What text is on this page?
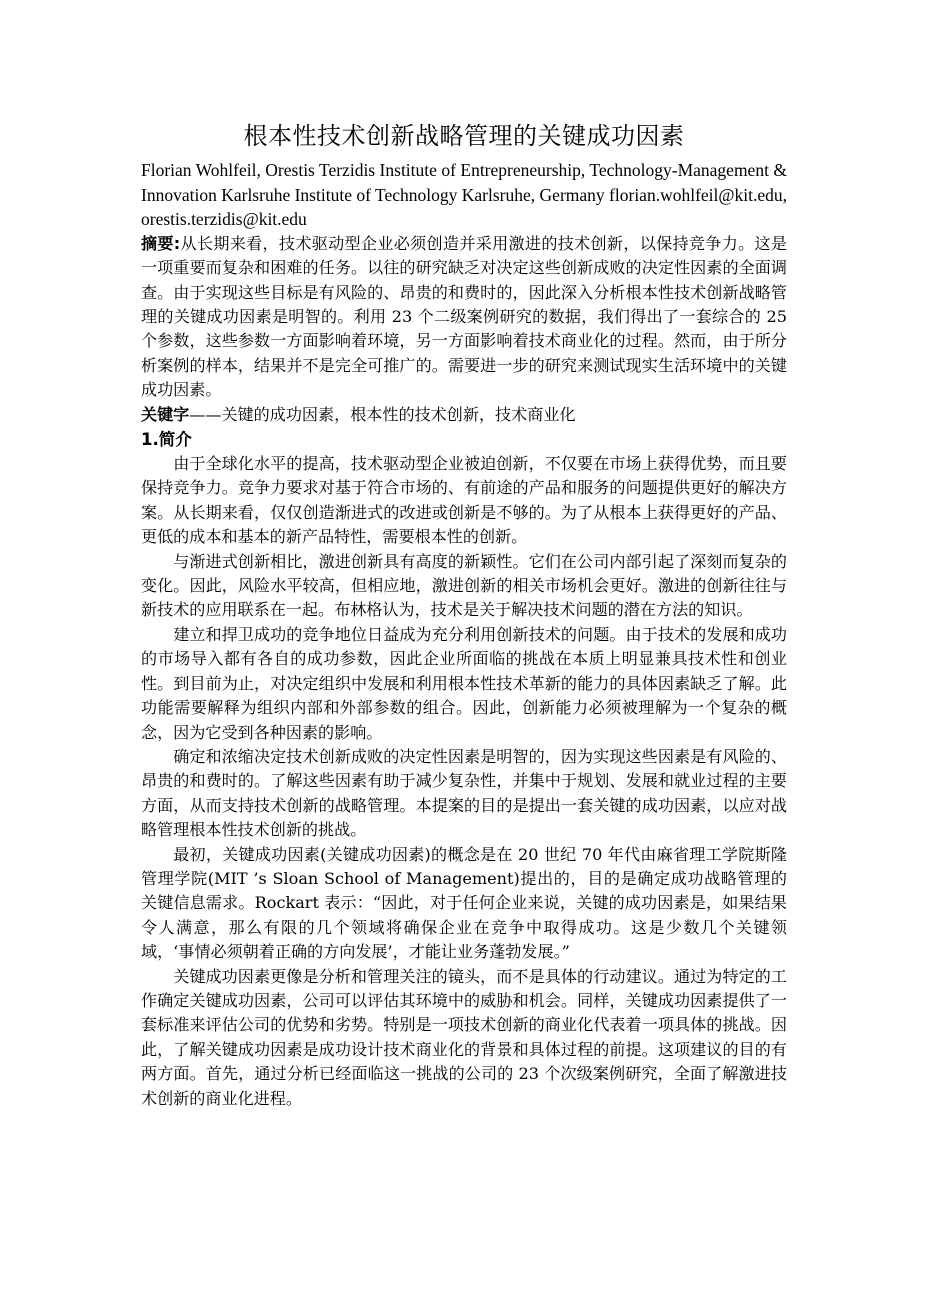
根本性技术创新战略管理的关键成功因素

Florian Wohlfeil, Orestis Terzidis Institute of Entrepreneurship, Technology-Management & Innovation Karlsruhe Institute of Technology Karlsruhe, Germany florian.wohlfeil@kit.edu, orestis.terzidis@kit.edu

摘要:从长期来看，技术驱动型企业必须创造并采用激进的技术创新，以保持竞争力。这是一项重要而复杂和困难的任务。以往的研究缺乏对决定这些创新成败的决定性因素的全面调查。由于实现这些目标是有风险的、昂贵的和费时的，因此深入分析根本性技术创新战略管理的关键成功因素是明智的。利用 23 个二级案例研究的数据，我们得出了一套综合的 25 个参数，这些参数一方面影响着环境，另一方面影响着技术商业化的过程。然而，由于所分析案例的样本，结果并不是完全可推广的。需要进一步的研究来测试现实生活环境中的关键成功因素。

关键字——关键的成功因素，根本性的技术创新，技术商业化

1.简介

由于全球化水平的提高，技术驱动型企业被迫创新，不仅要在市场上获得优势，而且要保持竞争力。竞争力要求对基于符合市场的、有前途的产品和服务的问题提供更好的解决方案。从长期来看，仅仅创造渐进式的改进或创新是不够的。为了从根本上获得更好的产品、更低的成本和基本的新产品特性，需要根本性的创新。

与渐进式创新相比，激进创新具有高度的新颖性。它们在公司内部引起了深刻而复杂的变化。因此，风险水平较高，但相应地，激进创新的相关市场机会更好。激进的创新往往与新技术的应用联系在一起。布林格认为，技术是关于解决技术问题的潜在方法的知识。

建立和捍卫成功的竞争地位日益成为充分利用创新技术的问题。由于技术的发展和成功的市场导入都有各自的成功参数，因此企业所面临的挑战在本质上明显兼具技术性和创业性。到目前为止，对决定组织中发展和利用根本性技术革新的能力的具体因素缺乏了解。此功能需要解释为组织内部和外部参数的组合。因此，创新能力必须被理解为一个复杂的概念，因为它受到各种因素的影响。

确定和浓缩决定技术创新成败的决定性因素是明智的，因为实现这些因素是有风险的、昂贵的和费时的。了解这些因素有助于减少复杂性，并集中于规划、发展和就业过程的主要方面，从而支持技术创新的战略管理。本提案的目的是提出一套关键的成功因素，以应对战略管理根本性技术创新的挑战。

最初，关键成功因素(关键成功因素)的概念是在 20 世纪 70 年代由麻省理工学院斯隆管理学院(MIT ’s Sloan School of Management)提出的，目的是确定成功战略管理的关键信息需求。Rockart 表示：“因此，对于任何企业来说，关键的成功因素是，如果结果令人满意，那么有限的几个领域将确保企业在竞争中取得成功。这是少数几个关键领域，‘事情必须朝着正确的方向发展’，才能让业务蓬勃发展。”

关键成功因素更像是分析和管理关注的镜头，而不是具体的行动建议。通过为特定的工作确定关键成功因素，公司可以评估其环境中的威胁和机会。同样，关键成功因素提供了一套标准来评估公司的优势和劣势。特别是一项技术创新的商业化代表着一项具体的挑战。因此，了解关键成功因素是成功设计技术商业化的背景和具体过程的前提。这项建议的目的有两方面。首先，通过分析已经面临这一挑战的公司的 23 个次级案例研究，全面了解激进技术创新的商业化进程。
